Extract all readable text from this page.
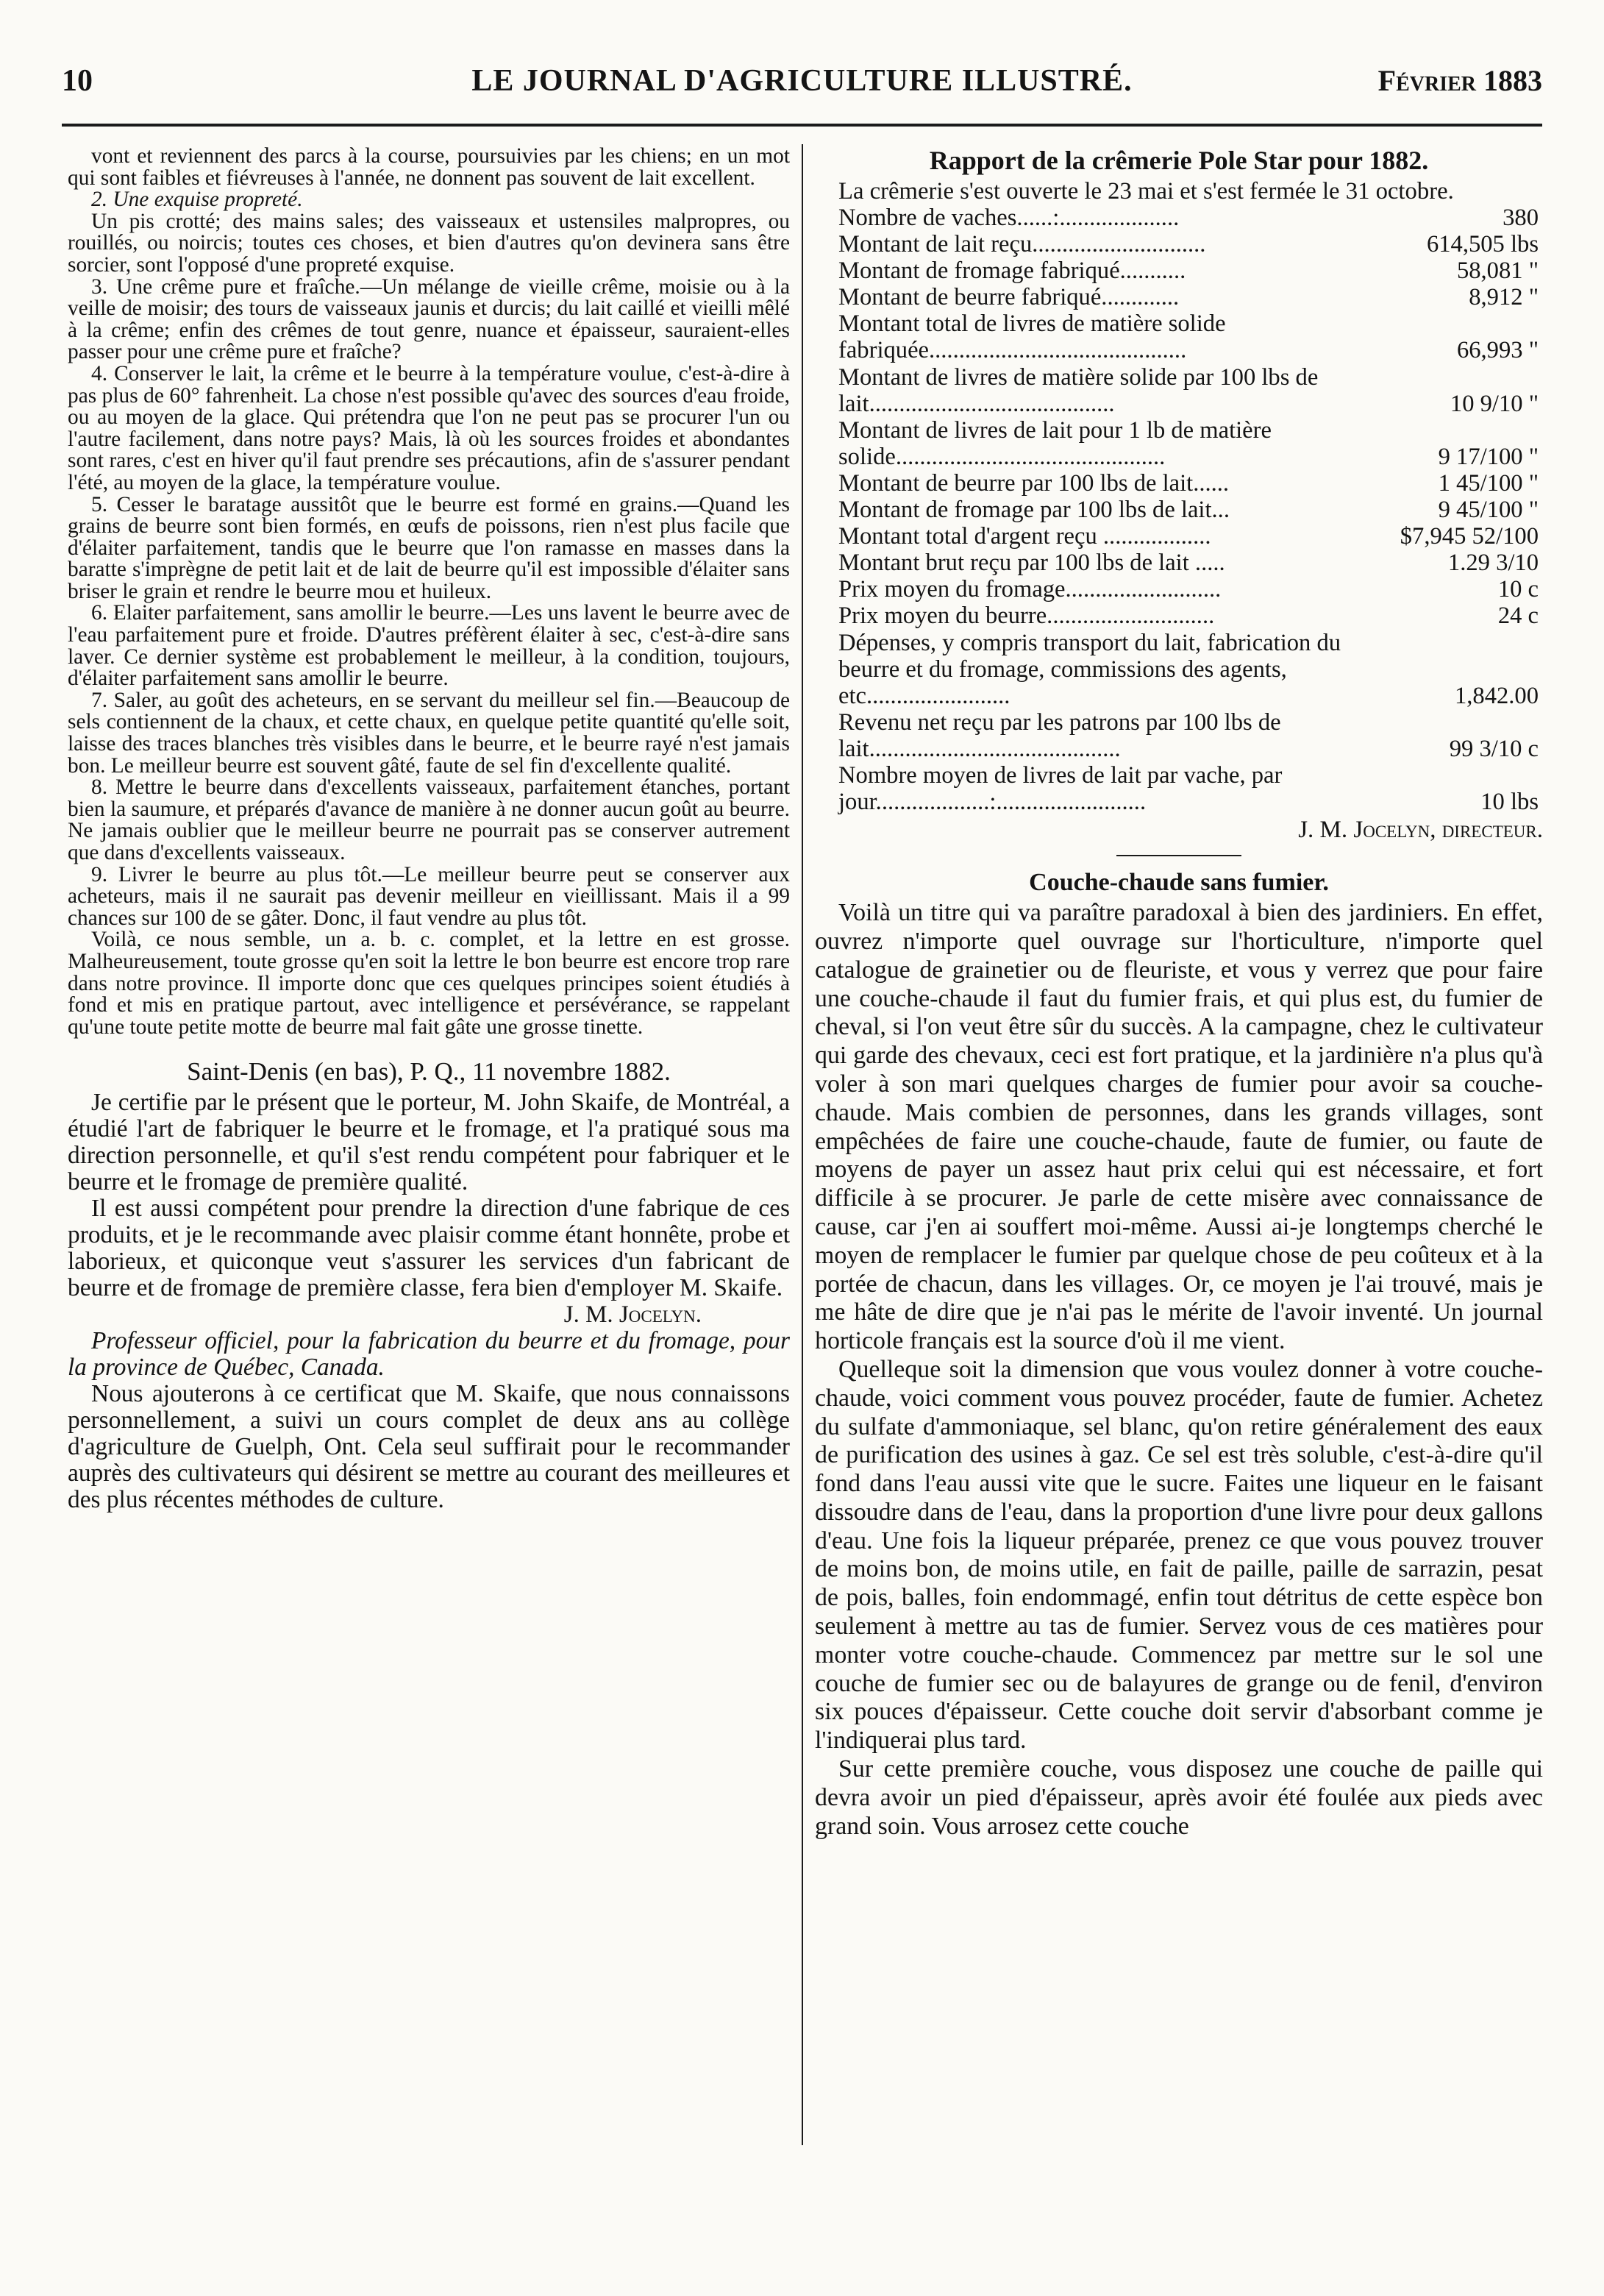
10	LE JOURNAL D'AGRICULTURE ILLUSTRÉ.	Février 1883

vont et reviennent des parcs à la course, poursuivies par les chiens; en un mot qui sont faibles et fiévreuses à l'année, ne donnent pas souvent de lait excellent.

2. Une exquise propreté.

Un pis crotté; des mains sales; des vaisseaux et ustensiles malpropres, ou rouillés, ou noircis; toutes ces choses, et bien d'autres qu'on devinera sans être sorcier, sont l'opposé d'une propreté exquise.

3. Une crême pure et fraîche.—Un mélange de vieille crême, moisie ou à la veille de moisir; des tours de vaisseaux jaunis et durcis; du lait caillé et vieilli mêlé à la crême; enfin des crêmes de tout genre, nuance et épaisseur, sauraient-elles passer pour une crême pure et fraîche?

4. Conserver le lait, la crême et le beurre à la température voulue, c'est-à-dire à pas plus de 60° fahrenheit. La chose n'est possible qu'avec des sources d'eau froide, ou au moyen de la glace. Qui prétendra que l'on ne peut pas se procurer l'un ou l'autre facilement, dans notre pays? Mais, là où les sources froides et abondantes sont rares, c'est en hiver qu'il faut prendre ses précautions, afin de s'assurer pendant l'été, au moyen de la glace, la température voulue.

5. Cesser le baratage aussitôt que le beurre est formé en grains.—Quand les grains de beurre sont bien formés, en œufs de poissons, rien n'est plus facile que d'élaiter parfaitement, tandis que le beurre que l'on ramasse en masses dans la baratte s'imprègne de petit lait et de lait de beurre qu'il est impossible d'élaiter sans briser le grain et rendre le beurre mou et huileux.

6. Elaiter parfaitement, sans amollir le beurre.—Les uns lavent le beurre avec de l'eau parfaitement pure et froide. D'autres préfèrent élaiter à sec, c'est-à-dire sans laver. Ce dernier système est probablement le meilleur, à la condition, toujours, d'élaiter parfaitement sans amollir le beurre.

7. Saler, au goût des acheteurs, en se servant du meilleur sel fin.—Beaucoup de sels contiennent de la chaux, et cette chaux, en quelque petite quantité qu'elle soit, laisse des traces blanches très visibles dans le beurre, et le beurre rayé n'est jamais bon. Le meilleur beurre est souvent gâté, faute de sel fin d'excellente qualité.

8. Mettre le beurre dans d'excellents vaisseaux, parfaitement étanches, portant bien la saumure, et préparés d'avance de manière à ne donner aucun goût au beurre. Ne jamais oublier que le meilleur beurre ne pourrait pas se conserver autrement que dans d'excellents vaisseaux.

9. Livrer le beurre au plus tôt.—Le meilleur beurre peut se conserver aux acheteurs, mais il ne saurait pas devenir meilleur en vieillissant. Mais il a 99 chances sur 100 de se gâter. Donc, il faut vendre au plus tôt.

Voilà, ce nous semble, un a. b. c. complet, et la lettre en est grosse. Malheureusement, toute grosse qu'en soit la lettre le bon beurre est encore trop rare dans notre province. Il importe donc que ces quelques principes soient étudiés à fond et mis en pratique partout, avec intelligence et persévérance, se rappelant qu'une toute petite motte de beurre mal fait gâte une grosse tinette.

Saint-Denis (en bas), P. Q., 11 novembre 1882.

Je certifie par le présent que le porteur, M. John Skaife, de Montréal, a étudié l'art de fabriquer le beurre et le fromage, et l'a pratiqué sous ma direction personnelle, et qu'il s'est rendu compétent pour fabriquer et le beurre et le fromage de première qualité.

Il est aussi compétent pour prendre la direction d'une fabrique de ces produits, et je le recommande avec plaisir comme étant honnête, probe et laborieux, et quiconque veut s'assurer les services d'un fabricant de beurre et de fromage de première classe, fera bien d'employer M. Skaife.

J. M. Jocelyn.

Professeur officiel, pour la fabrication du beurre et du fromage, pour la province de Québec, Canada.

Nous ajouterons à ce certificat que M. Skaife, que nous connaissons personnellement, a suivi un cours complet de deux ans au collège d'agriculture de Guelph, Ont. Cela seul suffirait pour le recommander auprès des cultivateurs qui désirent se mettre au courant des meilleures et des plus récentes méthodes de culture.

Rapport de la crêmerie Pole Star pour 1882.

La crêmerie s'est ouverte le 23 mai et s'est fermée le 31 octobre.

Nombre de vaches......:....................	380
Montant de lait reçu.............................	614,505 lbs
Montant de fromage fabriqué...........	58,081 "
Montant de beurre fabriqué.............	8,912 "
Montant total de livres de matière solide fabriquée...........................................	66,993 "
Montant de livres de matière solide par 100 lbs de lait.........................................	10 9/10 "
Montant de livres de lait pour 1 lb de matière solide.............................................	9 17/100 "
Montant de beurre par 100 lbs de lait......	1 45/100 "
Montant de fromage par 100 lbs de lait...	9 45/100 "
Montant total d'argent reçu ..................	$7,945 52/100
Montant brut reçu par 100 lbs de lait .....	1.29 3/10
Prix moyen du fromage..........................	10 c
Prix moyen du beurre............................	24 c
Dépenses, y compris transport du lait, fabrication du beurre et du fromage, commissions des agents, etc........................	1,842.00
Revenu net reçu par les patrons par 100 lbs de lait..........................................	99 3/10 c
Nombre moyen de livres de lait par vache, par jour...................:.........................	10 lbs
J. M. Jocelyn, directeur.
Couche-chaude sans fumier.

Voilà un titre qui va paraître paradoxal à bien des jardiniers. En effet, ouvrez n'importe quel ouvrage sur l'horticulture, n'importe quel catalogue de grainetier ou de fleuriste, et vous y verrez que pour faire une couche-chaude il faut du fumier frais, et qui plus est, du fumier de cheval, si l'on veut être sûr du succès. A la campagne, chez le cultivateur qui garde des chevaux, ceci est fort pratique, et la jardinière n'a plus qu'à voler à son mari quelques charges de fumier pour avoir sa couche-chaude. Mais combien de personnes, dans les grands villages, sont empêchées de faire une couche-chaude, faute de fumier, ou faute de moyens de payer un assez haut prix celui qui est nécessaire, et fort difficile à se procurer. Je parle de cette misère avec connaissance de cause, car j'en ai souffert moi-même. Aussi ai-je longtemps cherché le moyen de remplacer le fumier par quelque chose de peu coûteux et à la portée de chacun, dans les villages. Or, ce moyen je l'ai trouvé, mais je me hâte de dire que je n'ai pas le mérite de l'avoir inventé. Un journal horticole français est la source d'où il me vient.

Quelleque soit la dimension que vous voulez donner à votre couche-chaude, voici comment vous pouvez procéder, faute de fumier. Achetez du sulfate d'ammoniaque, sel blanc, qu'on retire généralement des eaux de purification des usines à gaz. Ce sel est très soluble, c'est-à-dire qu'il fond dans l'eau aussi vite que le sucre. Faites une liqueur en le faisant dissoudre dans de l'eau, dans la proportion d'une livre pour deux gallons d'eau. Une fois la liqueur préparée, prenez ce que vous pouvez trouver de moins bon, de moins utile, en fait de paille, paille de sarrazin, pesat de pois, balles, foin endommagé, enfin tout détritus de cette espèce bon seulement à mettre au tas de fumier. Servez vous de ces matières pour monter votre couche-chaude. Commencez par mettre sur le sol une couche de fumier sec ou de balayures de grange ou de fenil, d'environ six pouces d'épaisseur. Cette couche doit servir d'absorbant comme je l'indiquerai plus tard.

Sur cette première couche, vous disposez une couche de paille qui devra avoir un pied d'épaisseur, après avoir été foulée aux pieds avec grand soin. Vous arrosez cette couche
